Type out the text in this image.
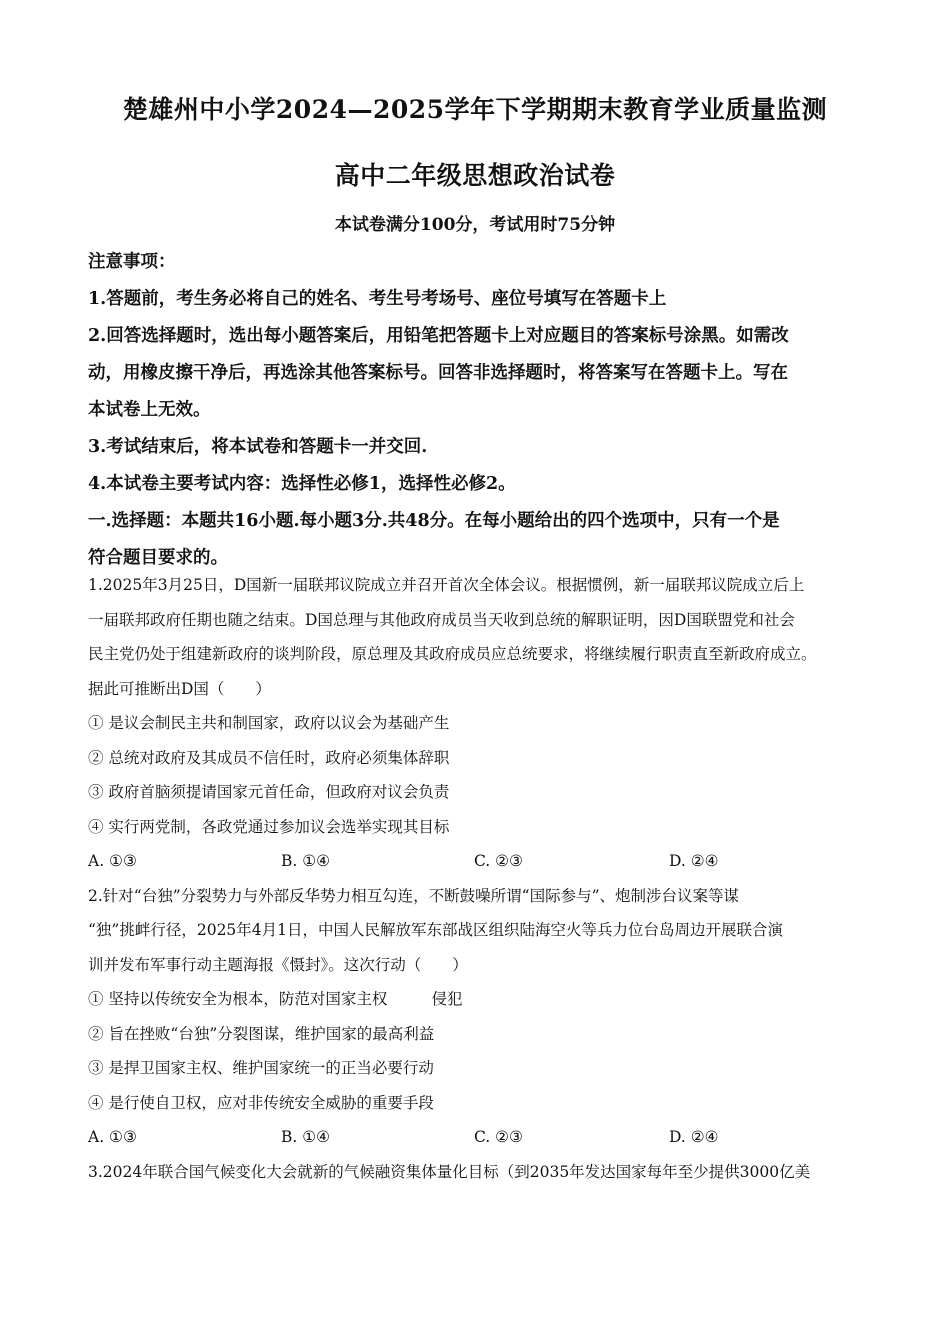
楚雄州中小学2024—2025学年下学期期末教育学业质量监测
高中二年级思想政治试卷
本试卷满分100分，考试用时75分钟
注意事项：
1.答题前，考生务必将自己的姓名、考生号考场号、座位号填写在答题卡上
2.回答选择题时，选出每小题答案后，用铅笔把答题卡上对应题目的答案标号涂黑。如需改
动，用橡皮擦干净后，再选涂其他答案标号。回答非选择题时，将答案写在答题卡上。写在
本试卷上无效。
3.考试结束后，将本试卷和答题卡一并交回.
4.本试卷主要考试内容：选择性必修1，选择性必修2。
一.选择题：本题共16小题.每小题3分.共48分。在每小题给出的四个选项中，只有一个是
符合题目要求的。
1.2025年3月25日，D国新一届联邦议院成立并召开首次全体会议。根据惯例，新一届联邦议院成立后上
一届联邦政府任期也随之结束。D国总理与其他政府成员当天收到总统的解职证明，因D国联盟党和社会
民主党仍处于组建新政府的谈判阶段，原总理及其政府成员应总统要求，将继续履行职责直至新政府成立。
据此可推断出D国（　　）
① 是议会制民主共和制国家，政府以议会为基础产生
② 总统对政府及其成员不信任时，政府必须集体辞职
③ 政府首脑须提请国家元首任命，但政府对议会负责
④ 实行两党制，各政党通过参加议会选举实现其目标
A. ①③	B. ①④	C. ②③	D. ②④
2.针对“台独”分裂势力与外部反华势力相互勾连，不断鼓噪所谓“国际参与”、炮制涉台议案等谋
“独”挑衅行径，2025年4月1日，中国人民解放军东部战区组织陆海空火等兵力位台岛周边开展联合演
训并发布军事行动主题海报《慑封》。这次行动（　　）
① 坚持以传统安全为根本，防范对国家主权	侵犯
② 旨在挫败“台独”分裂图谋，维护国家的最高利益
③ 是捍卫国家主权、维护国家统一的正当必要行动
④ 是行使自卫权，应对非传统安全威胁的重要手段
A. ①③	B. ①④	C. ②③	D. ②④
3.2024年联合国气候变化大会就新的气候融资集体量化目标（到2035年发达国家每年至少提供3000亿美
